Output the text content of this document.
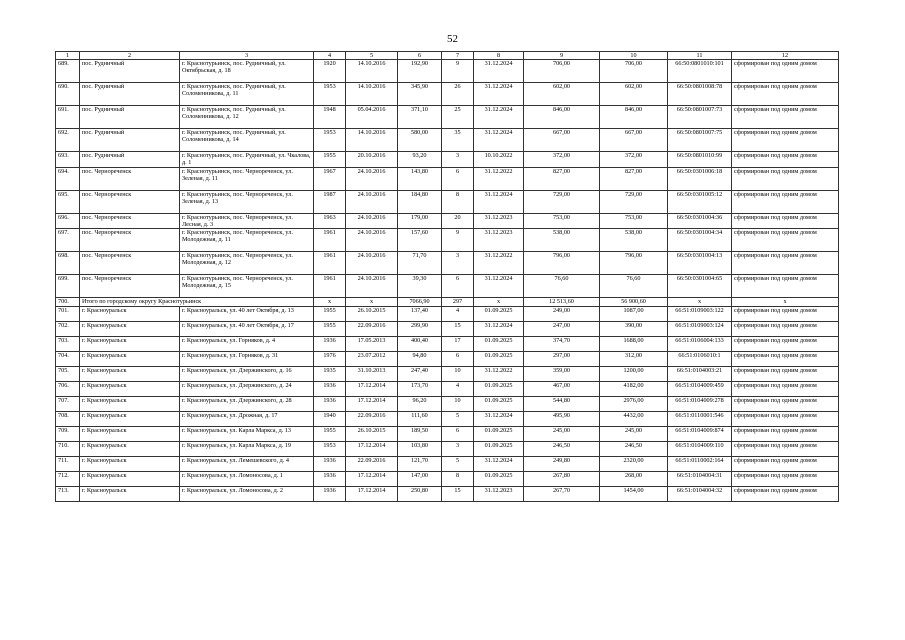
52
1	2	3	4	5	6	7	8	9	10	11	12
689.	пос. Рудничный	г. Краснотурьинск, пос. Рудничный, ул. Октябрьская, д. 18	1920	14.10.2016	192,90	9	31.12.2024	706,00	706,00	66:50:0801010:101	сформирован под одним домом
690.	пос. Рудничный	г. Краснотурьинск, пос. Рудничный, ул. Соломенникова, д. 11	1953	14.10.2016	345,90	26	31.12.2024	602,00	602,00	66:50:0801008:78	сформирован под одним домом
691.	пос. Рудничный	г. Краснотурьинск, пос. Рудничный, ул. Соломенникова, д. 12	1948	05.04.2016	371,10	25	31.12.2024	846,00	846,00	66:50:0801007:73	сформирован под одним домом
692.	пос. Рудничный	г. Краснотурьинск, пос. Рудничный, ул. Соломенникова, д. 14	1953	14.10.2016	580,00	35	31.12.2024	667,00	667,00	66:50:0801007:75	сформирован под одним домом
693.	пос. Рудничный	г. Краснотурьинск, пос. Рудничный, ул. Чкалова, д. 1	1955	20.10.2016	93,20	3	10.10.2022	372,00	372,00	66:50:0801010:99	сформирован под одним домом
694.	пос. Чернореченск	г. Краснотурьинск, пос. Чернореченск, ул. Зеленая, д. 11	1967	24.10.2016	143,80	6	31.12.2022	827,00	827,00	66:50:0301006:18	сформирован под одним домом
695.	пос. Чернореченск	г. Краснотурьинск, пос. Чернореченск, ул. Зеленая, д. 13	1987	24.10.2016	184,80	8	31.12.2024	729,00	729,00	66:50:0301005:12	сформирован под одним домом
696.	пос. Чернореченск	г. Краснотурьинск, пос. Чернореченск, ул. Лесная, д. 3	1963	24.10.2016	179,00	20	31.12.2023	753,00	753,00	66:50:0301004:36	сформирован под одним домом
697.	пос. Чернореченск	г. Краснотурьинск, пос. Чернореченск, ул. Молодежная, д. 11	1961	24.10.2016	157,60	9	31.12.2023	538,00	538,00	66:50:0301004:34	сформирован под одним домом
698.	пос. Чернореченск	г. Краснотурьинск, пос. Чернореченск, ул. Молодежная, д. 12	1961	24.10.2016	71,70	3	31.12.2022	796,00	796,00	66:50:0301004:13	сформирован под одним домом
699.	пос. Чернореченск	г. Краснотурьинск, пос. Чернореченск, ул. Молодежная, д. 15	1961	24.10.2016	39,30	6	31.12.2024	76,60	76,60	66:50:0301004:65	сформирован под одним домом
700.	Итого по городскому округу Краснотурьинск		х	х	7066,90	297	х	12 513,60	56 900,60	х	х
701.	г. Красноуральск	г. Красноуральск, ул. 40 лет Октября, д. 13	1955	26.10.2015	137,40	4	01.09.2025	249,00	1087,00	66:51:0109003:122	сформирован под одним домом
702.	г. Красноуральск	г. Красноуральск, ул. 40 лет Октября, д. 17	1955	22.09.2016	299,90	15	31.12.2024	247,00	390,00	66:51:0109003:124	сформирован под одним домом
703.	г. Красноуральск	г. Красноуральск, ул. Горняков, д. 4	1936	17.05.2013	400,40	17	01.09.2025	374,70	1688,00	66:51:0106004:133	сформирован под одним домом
704.	г. Красноуральск	г. Красноуральск, ул. Горняков, д. 31	1976	23.07.2012	94,80	6	01.09.2025	297,00	312,00	66:51:0106010:1	сформирован под одним домом
705.	г. Красноуральск	г. Красноуральск, ул. Дзержинского, д. 16	1935	31.10.2013	247,40	10	31.12.2022	359,00	1200,00	66:51:0104003:21	сформирован под одним домом
706.	г. Красноуральск	г. Красноуральск, ул. Дзержинского, д. 24	1936	17.12.2014	173,70	4	01.09.2025	467,00	4182,00	66:51:0104009:459	сформирован под одним домом
707.	г. Красноуральск	г. Красноуральск, ул. Дзержинского, д. 28	1936	17.12.2014	96,20	10	01.09.2025	544,80	2976,00	66:51:0104009:278	сформирован под одним домом
708.	г. Красноуральск	г. Красноуральск, ул. Дрожная, д. 17	1940	22.09.2016	111,60	5	31.12.2024	495,90	4432,00	66:51:0110001:546	сформирован под одним домом
709.	г. Красноуральск	г. Красноуральск, ул. Карла Маркса, д. 13	1955	26.10.2015	189,50	6	01.09.2025	245,00	245,00	66:51:0104009:874	сформирован под одним домом
710.	г. Красноуральск	г. Красноуральск, ул. Карла Маркса, д. 19	1953	17.12.2014	103,80	3	01.09.2025	246,50	246,50	66:51:0104009:110	сформирован под одним домом
711.	г. Красноуральск	г. Красноуральск, ул. Лемешевского, д. 4	1936	22.09.2016	121,70	5	31.12.2024	249,80	2320,00	66:51:0110002:164	сформирован под одним домом
712.	г. Красноуральск	г. Красноуральск, ул. Ломоносова, д. 1	1936	17.12.2014	147,00	8	01.09.2025	267,80	268,00	66:51:0104004:31	сформирован под одним домом
713.	г. Красноуральск	г. Красноуральск, ул. Ломоносова, д. 2	1936	17.12.2014	250,80	15	31.12.2023	267,70	1454,00	66:51:0104004:32	сформирован под одним домом
